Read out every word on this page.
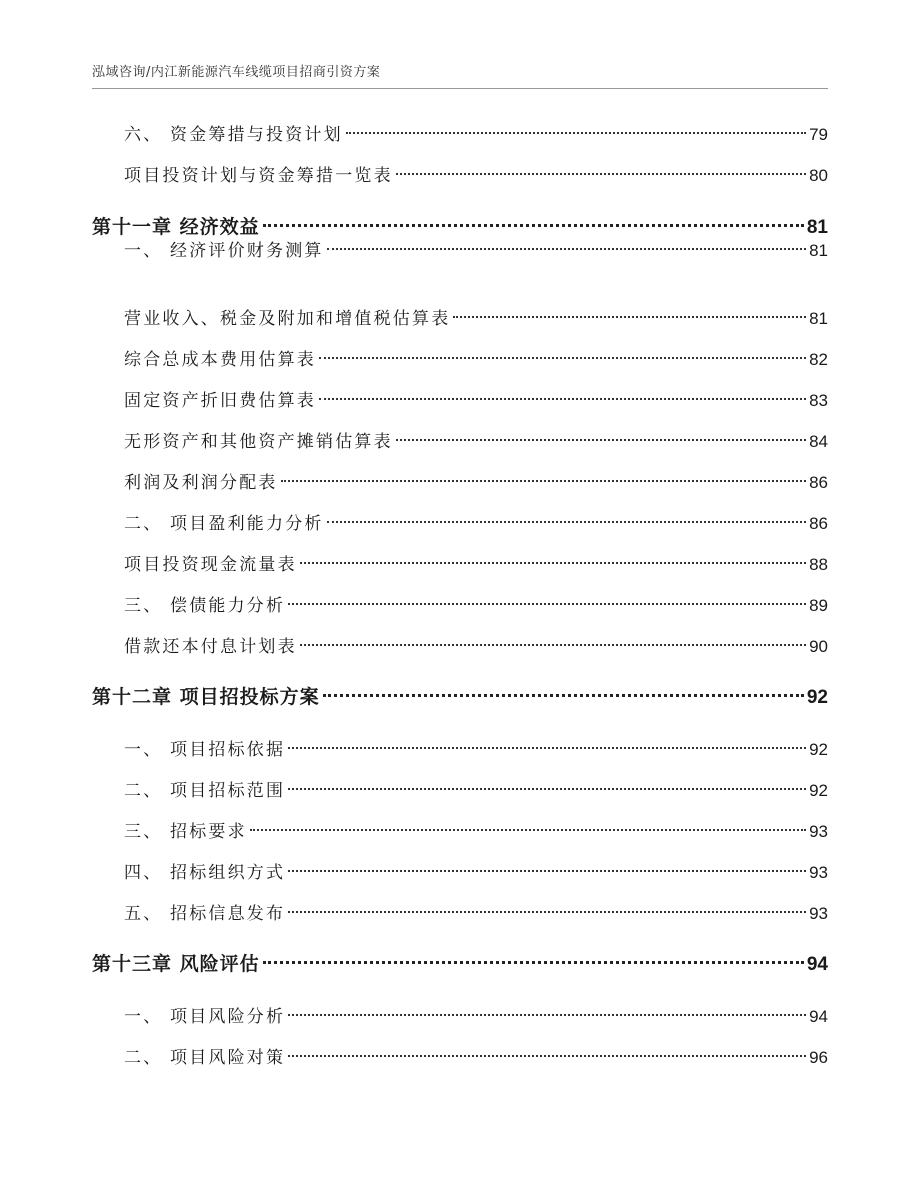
泓域咨询/内江新能源汽车线缆项目招商引资方案
六、 资金筹措与投资计划	79
项目投资计划与资金筹措一览表	80
第十一章 经济效益	81
一、 经济评价财务测算	81
营业收入、税金及附加和增值税估算表	81
综合总成本费用估算表	82
固定资产折旧费估算表	83
无形资产和其他资产摊销估算表	84
利润及利润分配表	86
二、 项目盈利能力分析	86
项目投资现金流量表	88
三、 偿债能力分析	89
借款还本付息计划表	90
第十二章 项目招投标方案	92
一、 项目招标依据	92
二、 项目招标范围	92
三、 招标要求	93
四、 招标组织方式	93
五、 招标信息发布	93
第十三章 风险评估	94
一、 项目风险分析	94
二、 项目风险对策	96
